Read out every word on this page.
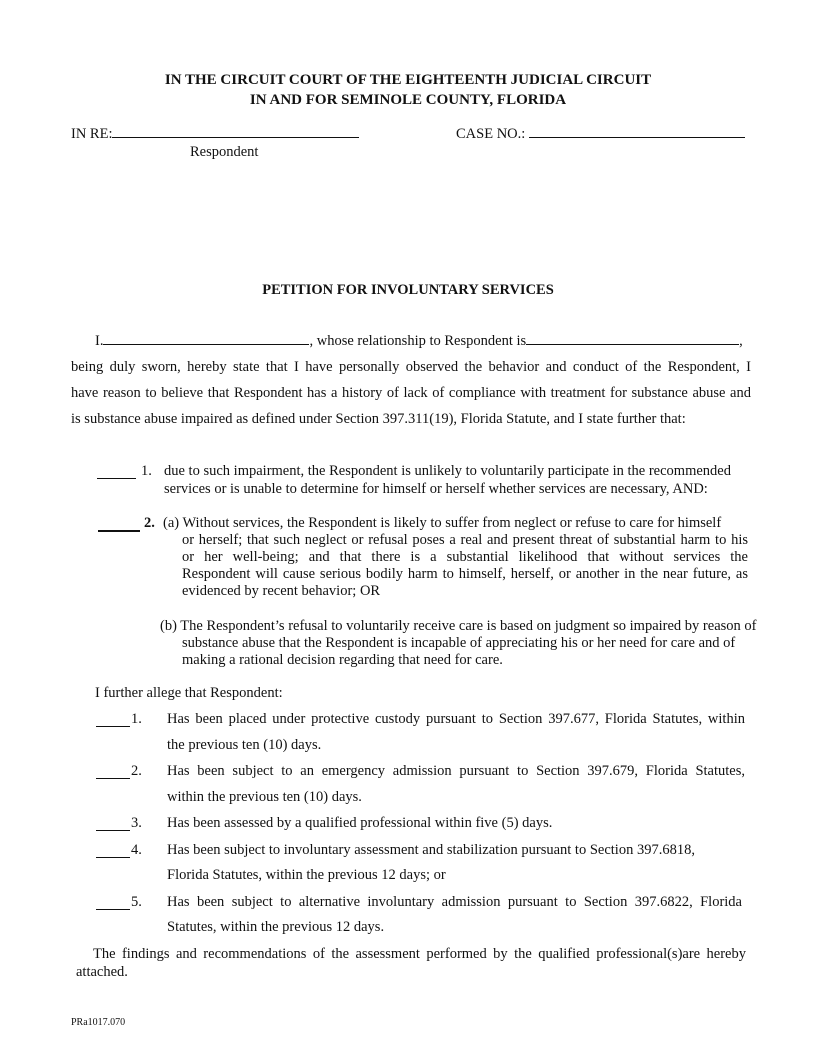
IN THE CIRCUIT COURT OF THE EIGHTEENTH JUDICIAL CIRCUIT
IN AND FOR SEMINOLE COUNTY, FLORIDA
IN RE:
Respondent
CASE NO.:
PETITION FOR INVOLUNTARY SERVICES
I.	, whose relationship to Respondent is	,
being duly sworn, hereby state that I have personally observed the behavior and conduct of the Respondent, I
have reason to believe that Respondent has a history of lack of compliance with treatment for substance abuse and
is substance abuse impaired as defined under Section 397.311(19), Florida Statute, and I state further that:
1. due to such impairment, the Respondent is unlikely to voluntarily participate in the recommended
services or is unable to determine for himself or herself whether services are necessary, AND:
2. (a) Without services, the Respondent is likely to suffer from neglect or refuse to care for himself
or herself; that such neglect or refusal poses a real and present threat of substantial harm to his
or her well-being; and that there is a substantial likelihood that without services the
Respondent will cause serious bodily harm to himself, herself, or another in the near future, as
evidenced by recent behavior; OR
(b) The Respondent’s refusal to voluntarily receive care is based on judgment so impaired by reason of
substance abuse that the Respondent is incapable of appreciating his or her need for care and of
making a rational decision regarding that need for care.
I further allege that Respondent:
1. Has been placed under protective custody pursuant to Section 397.677, Florida Statutes, within
the previous ten (10) days.
2. Has been subject to an emergency admission pursuant to Section 397.679, Florida Statutes,
within the previous ten (10) days.
3. Has been assessed by a qualified professional within five (5) days.
4. Has been subject to involuntary assessment and stabilization pursuant to Section 397.6818,
Florida Statutes, within the previous 12 days; or
5. Has been subject to alternative involuntary admission pursuant to Section 397.6822, Florida
Statutes, within the previous 12 days.
The findings and recommendations of the assessment performed by the qualified professional(s)are hereby
attached.
PRa1017.070
